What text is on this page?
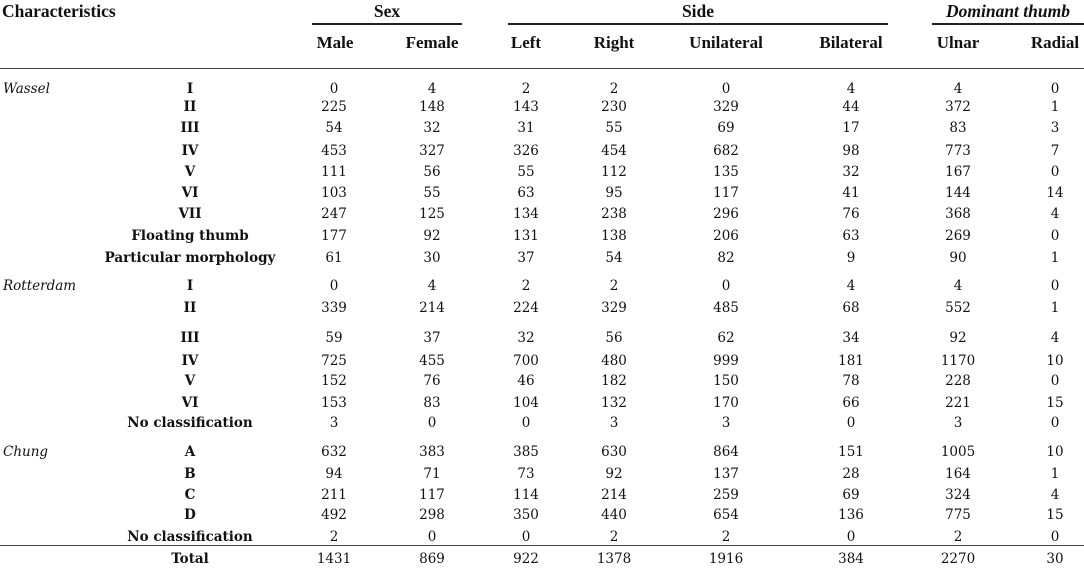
Characteristics	Sex	Side	Dominant thumb
Male	Female	Left	Right	Unilateral	Bilateral	Ulnar	Radial
Wassel	I	0	4	2	2	0	4	4	0
II	225	148	143	230	329	44	372	1
III	54	32	31	55	69	17	83	3
IV	453	327	326	454	682	98	773	7
V	111	56	55	112	135	32	167	0
VI	103	55	63	95	117	41	144	14
VII	247	125	134	238	296	76	368	4
Floating thumb	177	92	131	138	206	63	269	0
Particular morphology	61	30	37	54	82	9	90	1
Rotterdam	I	0	4	2	2	0	4	4	0
II	339	214	224	329	485	68	552	1
III	59	37	32	56	62	34	92	4
IV	725	455	700	480	999	181	1170	10
V	152	76	46	182	150	78	228	0
VI	153	83	104	132	170	66	221	15
No classification	3	0	0	3	3	0	3	0
Chung	A	632	383	385	630	864	151	1005	10
B	94	71	73	92	137	28	164	1
C	211	117	114	214	259	69	324	4
D	492	298	350	440	654	136	775	15
No classification	2	0	0	2	2	0	2	0
Total	1431	869	922	1378	1916	384	2270	30
